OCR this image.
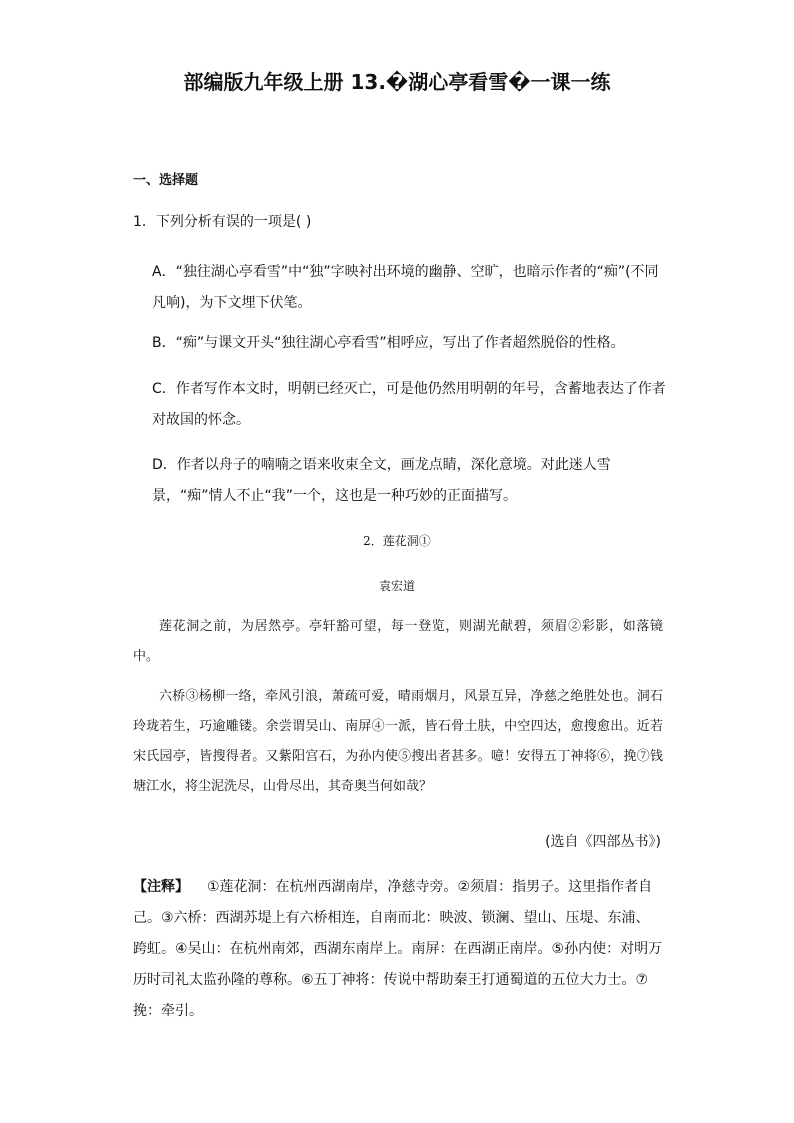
部编版九年级上册 13.�湖心亭看雪�一课一练
一、选择题
1．下列分析有误的一项是( )
A．“独往湖心亭看雪”中“独”字映衬出环境的幽静、空旷，也暗示作者的“痴”(不同凡响)，为下文埋下伏笔。
B．“痴”与课文开头“独往湖心亭看雪”相呼应，写出了作者超然脱俗的性格。
C．作者写作本文时，明朝已经灭亡，可是他仍然用明朝的年号，含蓄地表达了作者对故国的怀念。
D．作者以舟子的喃喃之语来收束全文，画龙点睛，深化意境。对此迷人雪景，“痴”情人不止“我”一个，这也是一种巧妙的正面描写。
2．莲花洞①
袁宏道
莲花洞之前，为居然亭。亭轩豁可望，每一登览，则湖光献碧，须眉②彩影，如落镜中。
六桥③杨柳一络，牵风引浪，萧疏可爱，晴雨烟月，风景互异，净慈之绝胜处也。洞石玲珑若生，巧逾雕镂。余尝谓吴山、南屏④一派，皆石骨土肤，中空四达，愈搜愈出。近若宋氏园亭，皆搜得者。又紫阳宫石，为孙内使⑤搜出者甚多。噫！安得五丁神将⑥，挽⑦钱塘江水，将尘泥洗尽，山骨尽出，其奇奥当何如哉？
(选自《四部丛书》)
【注释】 ①莲花洞：在杭州西湖南岸，净慈寺旁。②须眉：指男子。这里指作者自己。③六桥：西湖苏堤上有六桥相连，自南而北：映波、锁澜、望山、压堤、东浦、跨虹。④吴山：在杭州南郊，西湖东南岸上。南屏：在西湖正南岸。⑤孙内使：对明万历时司礼太监孙隆的尊称。⑥五丁神将：传说中帮助秦王打通蜀道的五位大力士。⑦挽：牵引。
